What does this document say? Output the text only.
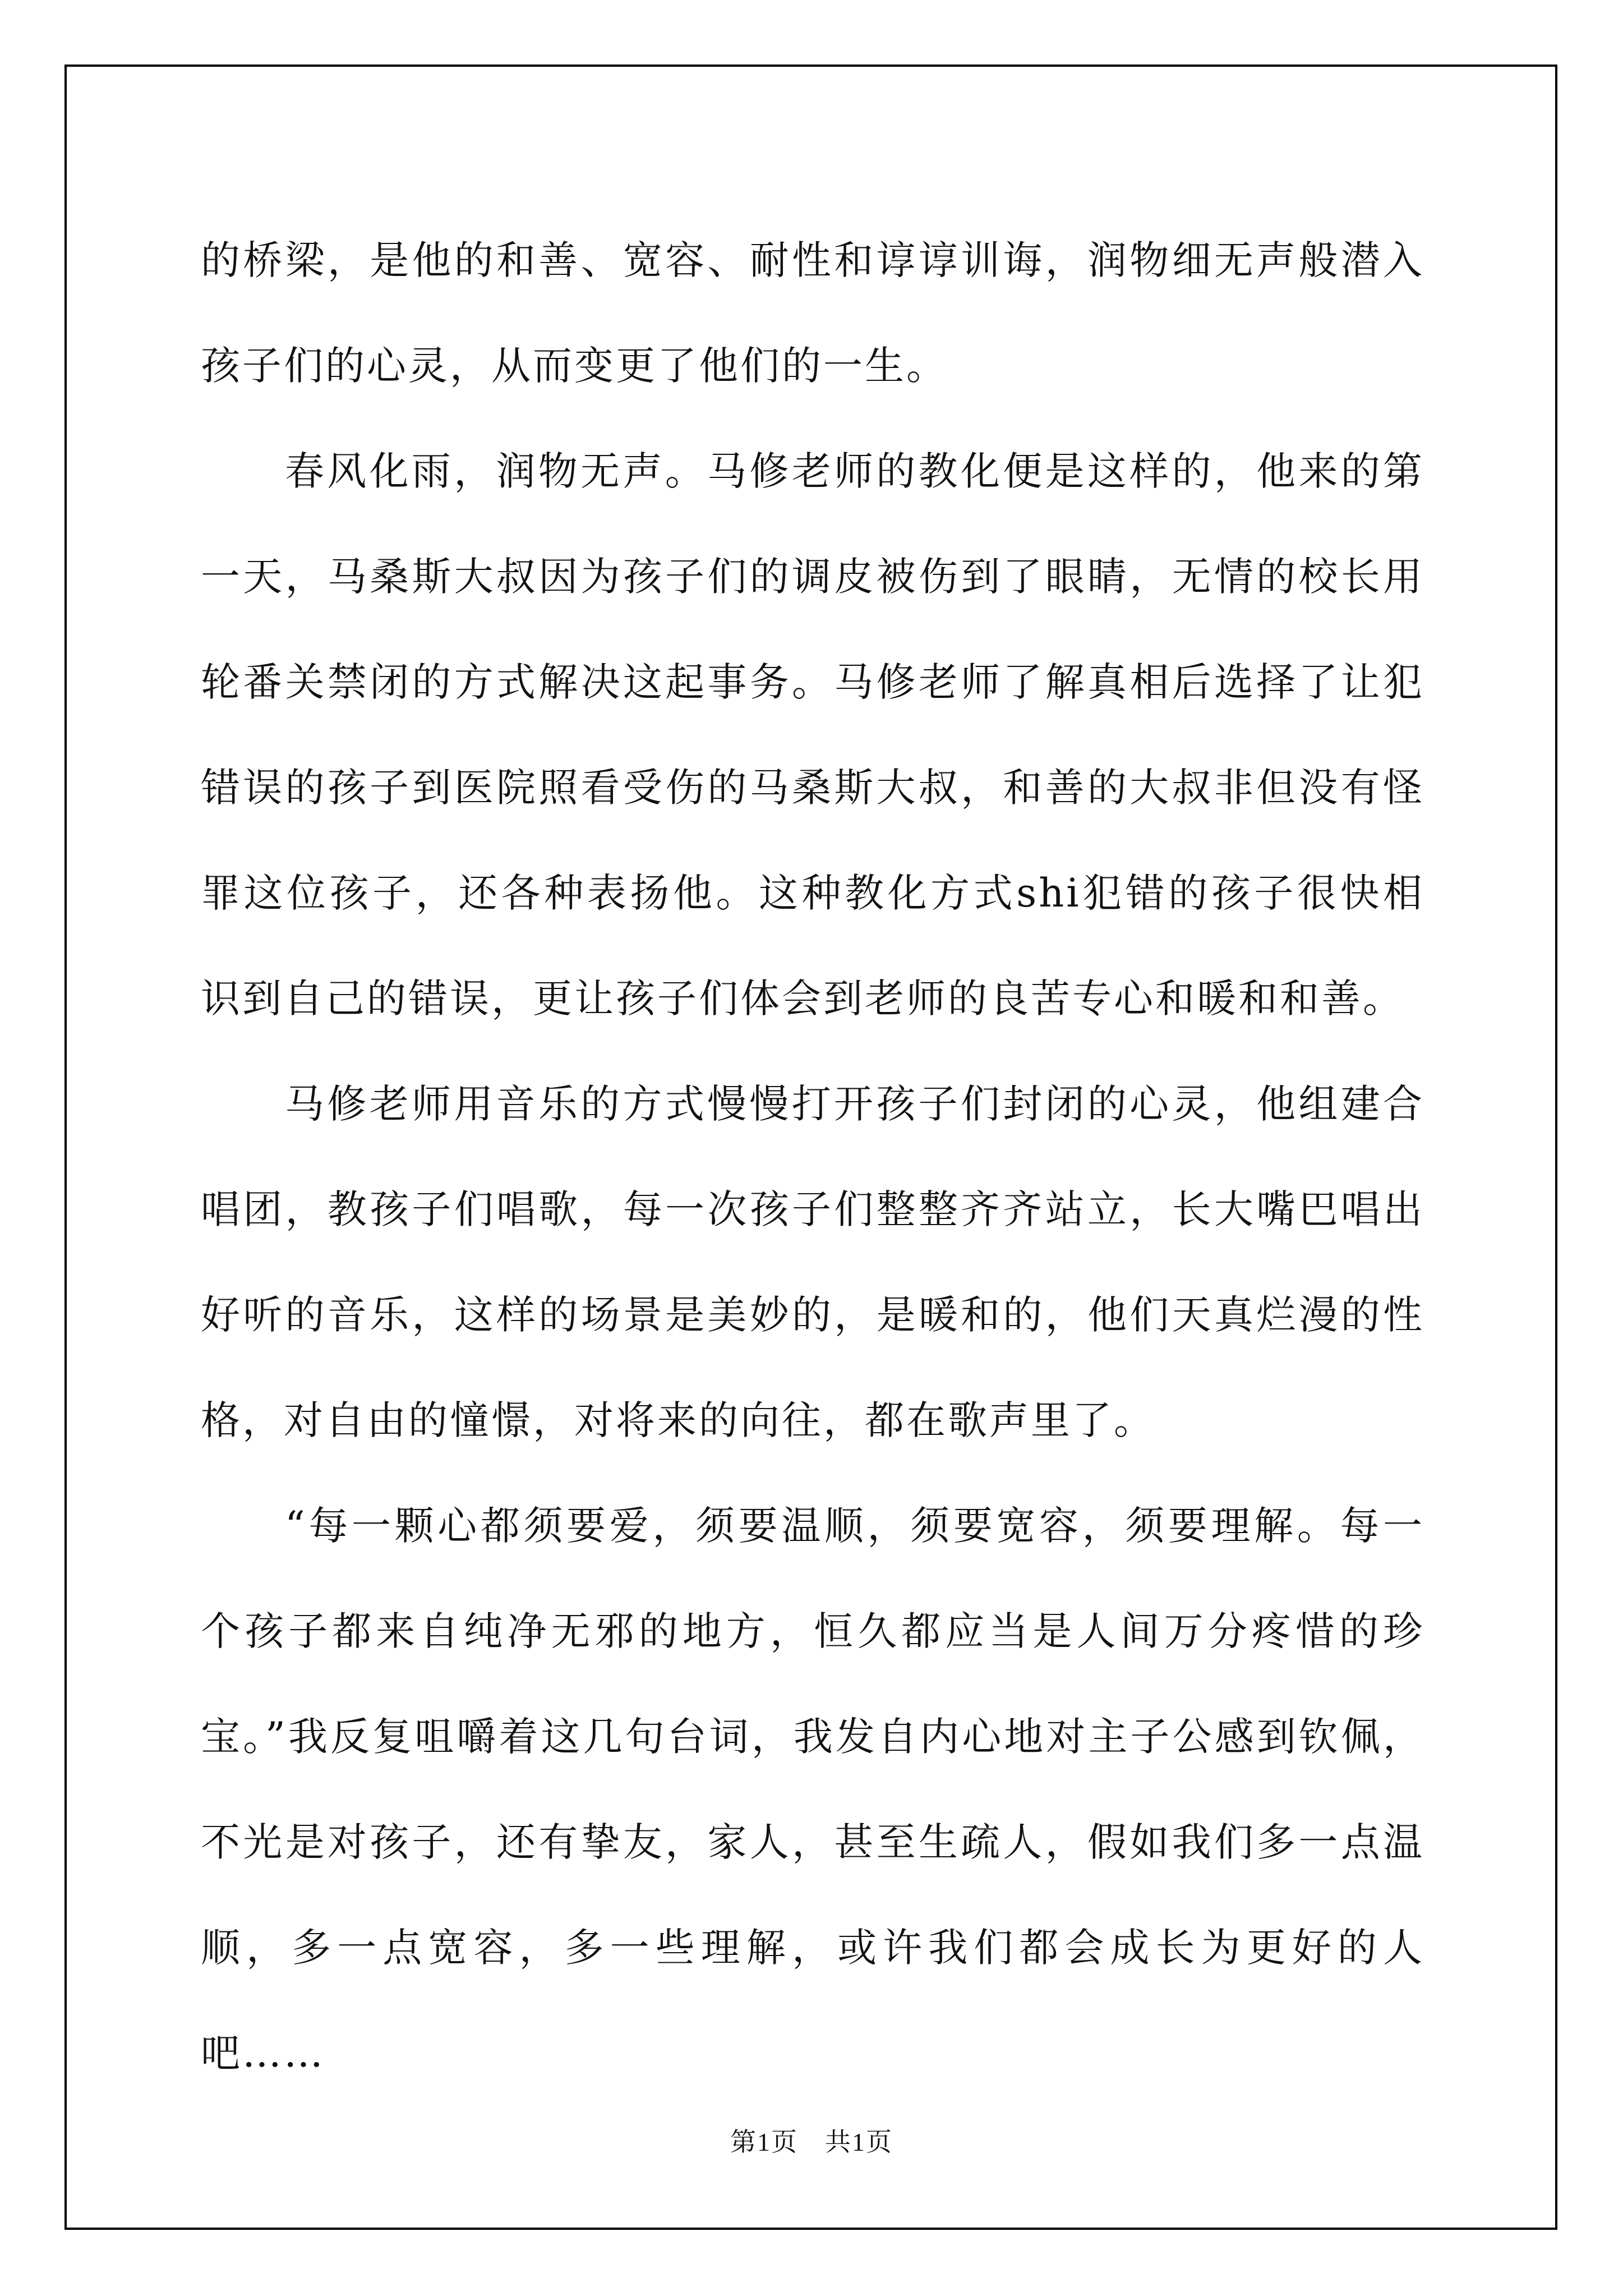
的桥梁，是他的和善、宽容、耐性和谆谆训诲，润物细无声般潜入孩子们的心灵，从而变更了他们的一生。

春风化雨，润物无声。马修老师的教化便是这样的，他来的第一天，马桑斯大叔因为孩子们的调皮被伤到了眼睛，无情的校长用轮番关禁闭的方式解决这起事务。马修老师了解真相后选择了让犯错误的孩子到医院照看受伤的马桑斯大叔，和善的大叔非但没有怪罪这位孩子，还各种表扬他。这种教化方式shi犯错的孩子很快相识到自己的错误，更让孩子们体会到老师的良苦专心和暖和和善。

马修老师用音乐的方式慢慢打开孩子们封闭的心灵，他组建合唱团，教孩子们唱歌，每一次孩子们整整齐齐站立，长大嘴巴唱出好听的音乐，这样的场景是美妙的，是暖和的，他们天真烂漫的性格，对自由的憧憬，对将来的向往，都在歌声里了。

“每一颗心都须要爱，须要温顺，须要宽容，须要理解。每一个孩子都来自纯净无邪的地方，恒久都应当是人间万分疼惜的珍宝。”我反复咀嚼着这几句台词，我发自内心地对主子公感到钦佩，不光是对孩子，还有挚友，家人，甚至生疏人，假如我们多一点温顺，多一点宽容，多一些理解，或许我们都会成长为更好的人吧……

第1页　共1页
